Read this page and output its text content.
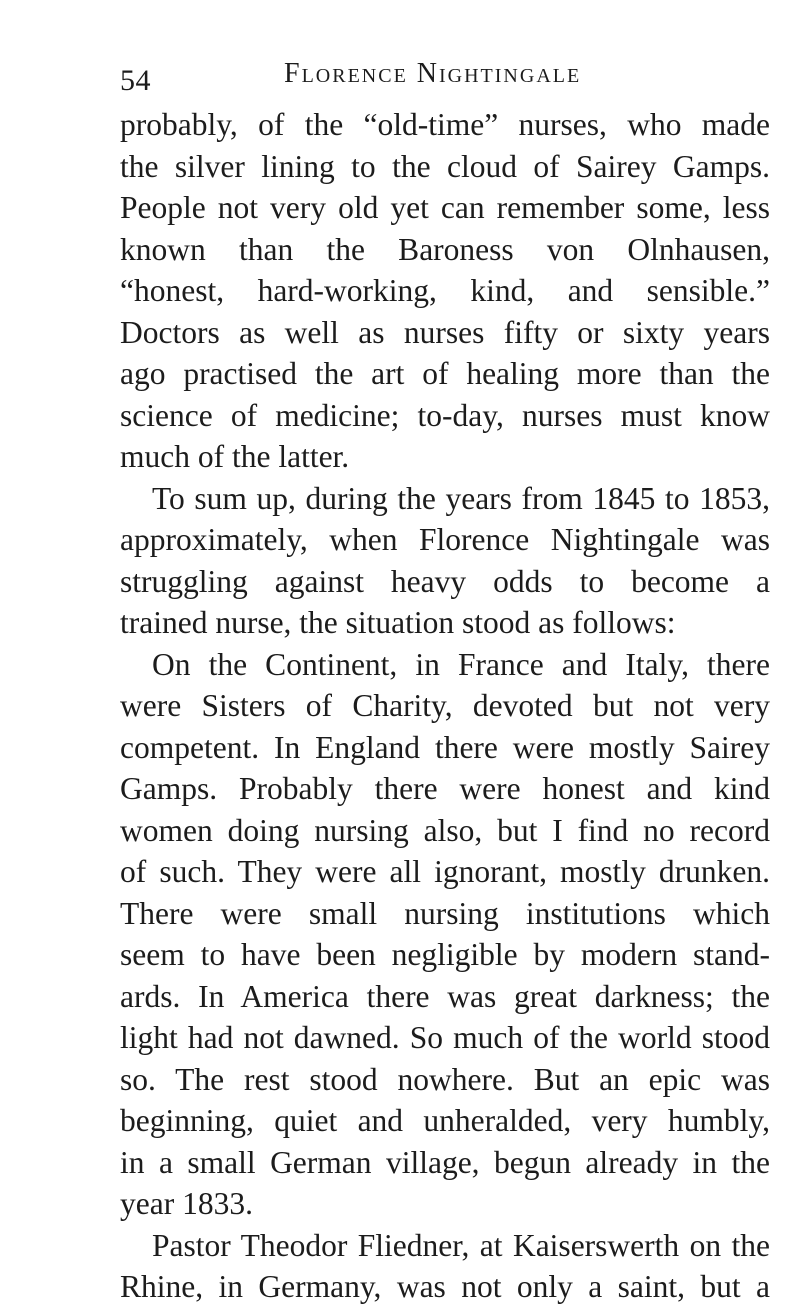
54	Florence Nightingale
probably, of the “old-time” nurses, who made
the silver lining to the cloud of Sairey Gamps.
People not very old yet can remember some, less
known than the Baroness von Olnhausen,
“honest, hard-working, kind, and sensible.”
Doctors as well as nurses fifty or sixty years
ago practised the art of healing more than the
science of medicine; to-day, nurses must know
much of the latter.
To sum up, during the years from 1845 to 1853,
approximately, when Florence Nightingale was
struggling against heavy odds to become a
trained nurse, the situation stood as follows:
On the Continent, in France and Italy, there
were Sisters of Charity, devoted but not very
competent. In England there were mostly Sairey
Gamps. Probably there were honest and kind
women doing nursing also, but I find no record
of such. They were all ignorant, mostly drunken.
There were small nursing institutions which
seem to have been negligible by modern stand-
ards. In America there was great darkness; the
light had not dawned. So much of the world stood
so. The rest stood nowhere. But an epic was
beginning, quiet and unheralded, very humbly,
in a small German village, begun already in the
year 1833.
Pastor Theodor Fliedner, at Kaiserswerth on the
Rhine, in Germany, was not only a saint, but a
